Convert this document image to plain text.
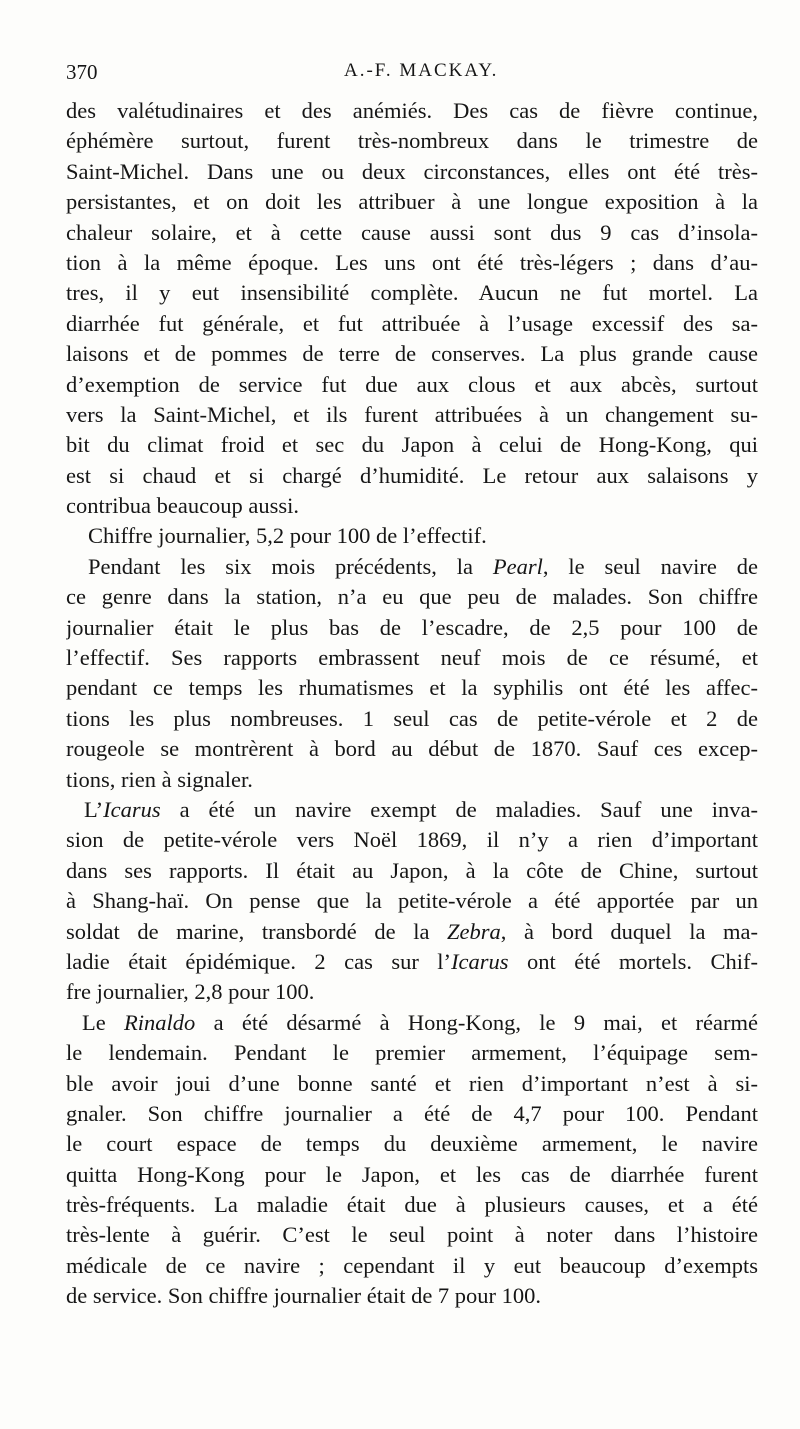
370	A.-F. MACKAY.
des valétudinaires et des anémiés. Des cas de fièvre continue,
éphémère surtout, furent très-nombreux dans le trimestre de
Saint-Michel. Dans une ou deux circonstances, elles ont été très-
persistantes, et on doit les attribuer à une longue exposition à la
chaleur solaire, et à cette cause aussi sont dus 9 cas d’insola-
tion à la même époque. Les uns ont été très-légers ; dans d’au-
tres, il y eut insensibilité complète. Aucun ne fut mortel. La
diarrhée fut générale, et fut attribuée à l’usage excessif des sa-
laisons et de pommes de terre de conserves. La plus grande cause
d’exemption de service fut due aux clous et aux abcès, surtout
vers la Saint-Michel, et ils furent attribuées à un changement su-
bit du climat froid et sec du Japon à celui de Hong-Kong, qui
est si chaud et si chargé d’humidité. Le retour aux salaisons y
contribua beaucoup aussi.
Chiffre journalier, 5,2 pour 100 de l’effectif.
Pendant les six mois précédents, la Pearl, le seul navire de
ce genre dans la station, n’a eu que peu de malades. Son chiffre
journalier était le plus bas de l’escadre, de 2,5 pour 100 de
l’effectif. Ses rapports embrassent neuf mois de ce résumé, et
pendant ce temps les rhumatismes et la syphilis ont été les affec-
tions les plus nombreuses. 1 seul cas de petite-vérole et 2 de
rougeole se montrèrent à bord au début de 1870. Sauf ces excep-
tions, rien à signaler.
L’Icarus a été un navire exempt de maladies. Sauf une inva-
sion de petite-vérole vers Noël 1869, il n’y a rien d’important
dans ses rapports. Il était au Japon, à la côte de Chine, surtout
à Shang-haï. On pense que la petite-vérole a été apportée par un
soldat de marine, transbordé de la Zebra, à bord duquel la ma-
ladie était épidémique. 2 cas sur l’Icarus ont été mortels. Chif-
fre journalier, 2,8 pour 100.
Le Rinaldo a été désarmé à Hong-Kong, le 9 mai, et réarmé
le lendemain. Pendant le premier armement, l’équipage sem-
ble avoir joui d’une bonne santé et rien d’important n’est à si-
gnaler. Son chiffre journalier a été de 4,7 pour 100. Pendant
le court espace de temps du deuxième armement, le navire
quitta Hong-Kong pour le Japon, et les cas de diarrhée furent
très-fréquents. La maladie était due à plusieurs causes, et a été
très-lente à guérir. C’est le seul point à noter dans l’histoire
médicale de ce navire ; cependant il y eut beaucoup d’exempts
de service. Son chiffre journalier était de 7 pour 100.
